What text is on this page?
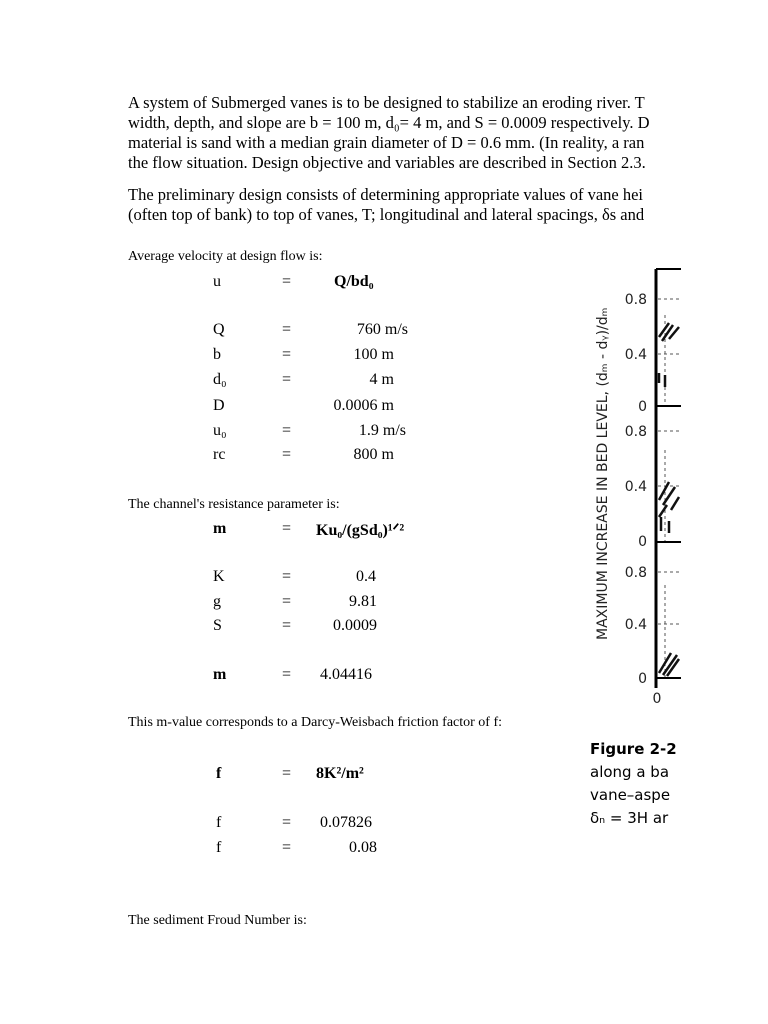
A system of Submerged vanes is to be designed to stabilize an eroding river. T
width, depth, and slope are b = 100 m, d₀= 4 m, and S = 0.0009 respectively. D
material is sand with a median grain diameter of D = 0.6 mm. (In reality, a ran
the flow situation. Design objective and variables are described in Section 2.3.
The preliminary design consists of determining appropriate values of vane hei
(often top of bank) to top of vanes, T; longitudinal and lateral spacings, δs and
Average velocity at design flow is:
u	=	Q/bd₀
Q	=	760 m/s
b	=	100 m
d₀	=	4 m
D	0.0006 m
u₀	=	1.9 m/s
rc	=	800 m
The channel's resistance parameter is:
m	= Ku₀/(gSd₀)¹ᐟ²
K	=	0.4
g	=	9.81
S	=	0.0009
m	= 4.04416
This m-value corresponds to a Darcy-Weisbach friction factor of f:
f	= 8K²/m²
f	= 0.07826
f	=	0.08
The sediment Froud Number is:
MAXIMUM INCREASE IN BED LEVEL, (dₘ - dᵧ)/dₘ
0.8
0.4
0
0.8
0.4
0
0.8
0.4
0
0
Figure 2-2
along a ba
vane–aspe
δₙ = 3H ar
